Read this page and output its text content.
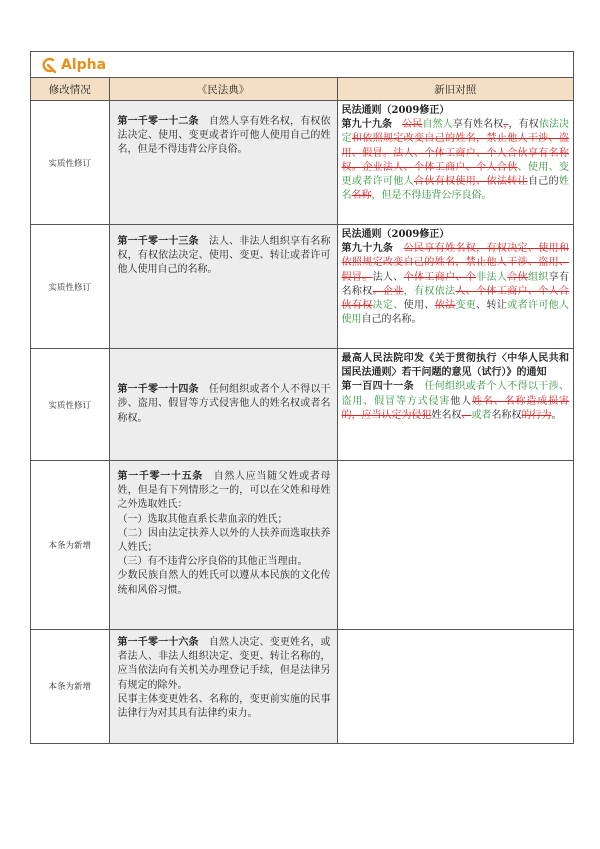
Alpha
修改情况	《民法典》	新旧对照
实质性修订	第一千零一十二条　自然人享有姓名权，有权依法决定、使用、变更或者许可他人使用自己的姓名，但是不得违背公序良俗。	民法通则（2009修正）
第九十九条　 公民自然人享有姓名权，，有权依法决定和依照规定改变自己的姓名，禁止他人干涉、盗用、假冒。法人、个体工商户、个人合伙享有名称权。企业法人、个体工商户、个人合伙、使用、变更或者许可他人合伙有权使用、依法转让自己的姓名名称，但是不得违背公序良俗。

实质性修订	第一千零一十三条　法人、非法人组织享有名称权，有权依法决定、使用、变更、转让或者许可他人使用自己的名称。	民法通则（2009修正）
第九十九条　 公民享有姓名权，有权决定、使用和依照规定改变自己的姓名，禁止他人干涉、盗用、假冒。法人、个体工商户、个非法人合伙组织享有名称权。企业，有权依法人、个体工商户、个人合伙有权决定、使用、依法变更、转让或者许可他人使用自己的名称。

实质性修订	第一千零一十四条　任何组织或者个人不得以干涉、盗用、假冒等方式侵害他人的姓名权或者名称权。	最高人民法院印发《关于贯彻执行〈中华人民共和国民法通则〉若干问题的意见（试行）》的通知
第一百四十一条　任何组织或者个人不得以干涉、盗用、假冒等方式侵害他人姓名、名称造成损害的，应当认定为侵犯姓名权、或者名称权的行为。

本条为新增	第一千零一十五条　自然人应当随父姓或者母姓，但是有下列情形之一的，可以在父姓和母姓之外选取姓氏：
（一）选取其他直系长辈血亲的姓氏；
（二）因由法定扶养人以外的人扶养而选取扶养人姓氏；
（三）有不违背公序良俗的其他正当理由。
少数民族自然人的姓氏可以遵从本民族的文化传统和风俗习惯。	

本条为新增	第一千零一十六条　自然人决定、变更姓名，或者法人、非法人组织决定、变更、转让名称的，应当依法向有关机关办理登记手续，但是法律另有规定的除外。
民事主体变更姓名、名称的，变更前实施的民事法律行为对其具有法律约束力。	
